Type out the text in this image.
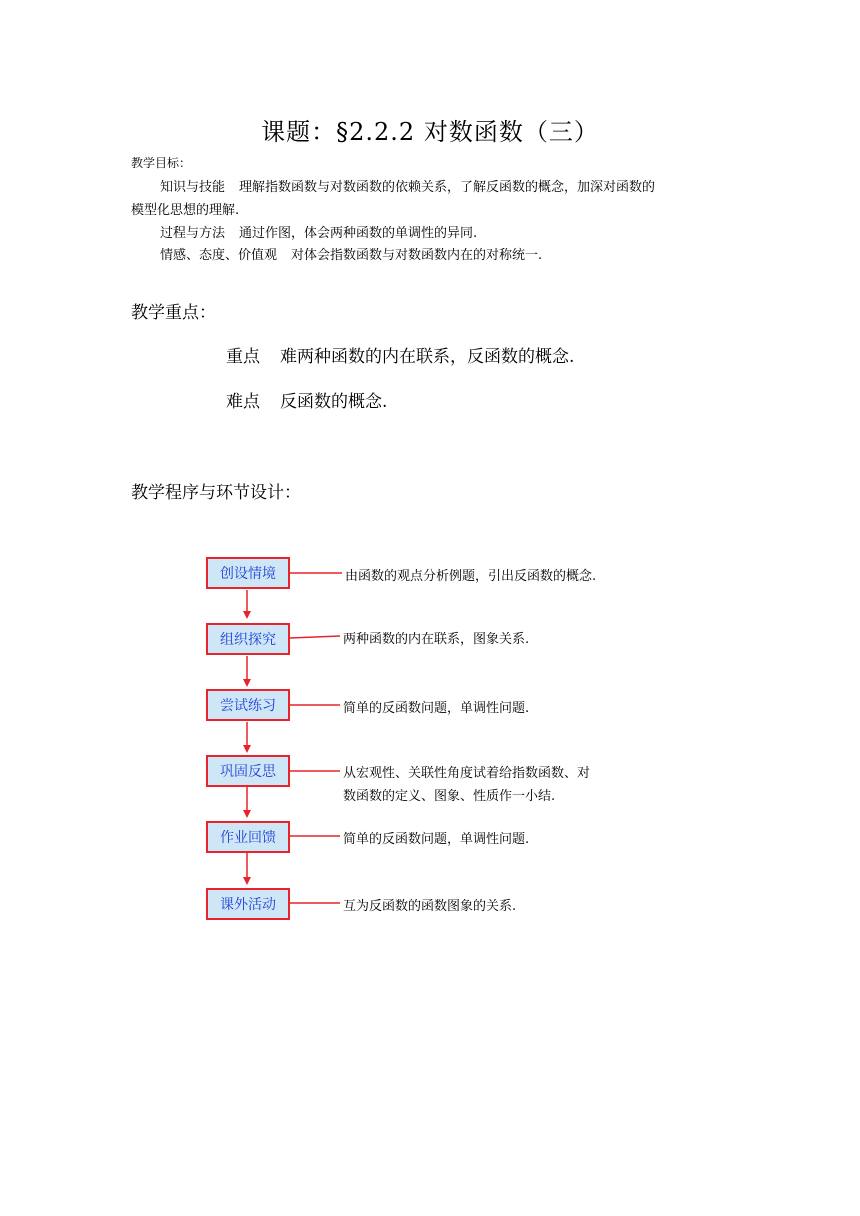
课题：§2.2.2 对数函数（三）
教学目标：
知识与技能 理解指数函数与对数函数的依赖关系，了解反函数的概念，加深对函数的
模型化思想的理解.
过程与方法 通过作图，体会两种函数的单调性的异同.
情感、态度、价值观 对体会指数函数与对数函数内在的对称统一.
教学重点：
重点 难两种函数的内在联系，反函数的概念.
难点 反函数的概念.
教学程序与环节设计：
创设情境
组织探究
尝试练习
巩固反思
作业回馈
课外活动
由函数的观点分析例题，引出反函数的概念.
两种函数的内在联系，图象关系.
简单的反函数问题，单调性问题.
从宏观性、关联性角度试着给指数函数、对
数函数的定义、图象、性质作一小结.
简单的反函数问题，单调性问题.
互为反函数的函数图象的关系.
